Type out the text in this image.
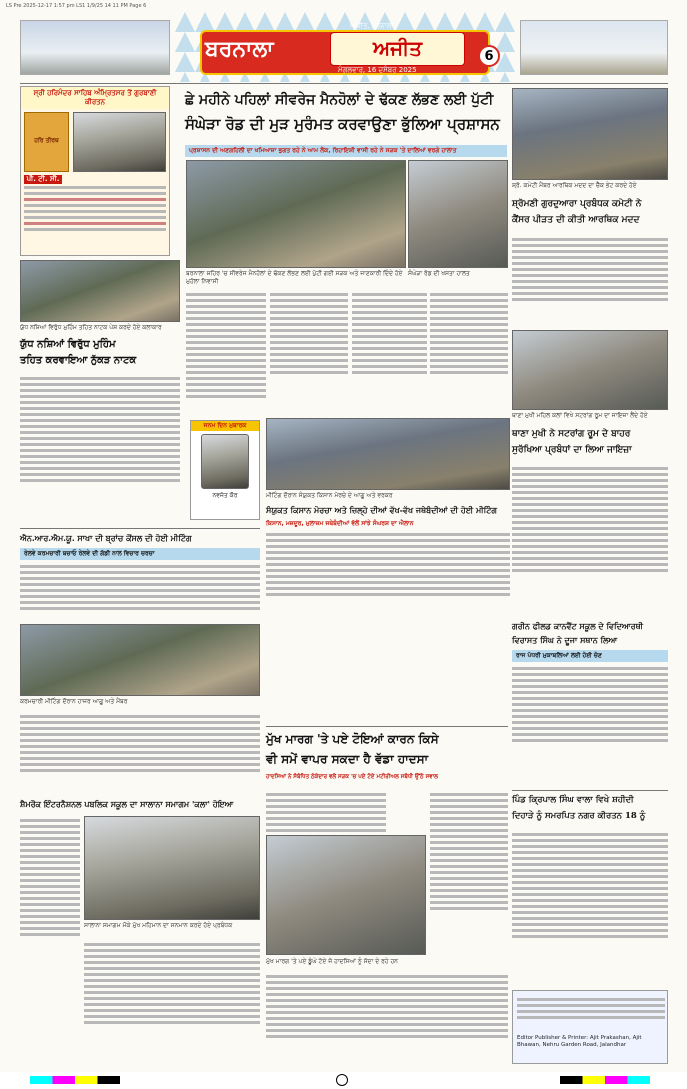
LS Pre 2025-12-17 1:57 pm LS1 1/9/25 14 11 PM Page 6
ਬਰਨਾਲਾ	ਅਜੀਤ
ਅਜੀਤ, ਬਰਨਾਲਾ
ਮੰਗਲਵਾਰ, 16 ਦਸੰਬਰ 2025
6
ਸ੍ਰੀ ਹਰਿਮੰਦਰ ਸਾਹਿਬ ਅੰਮ੍ਰਿਤਸਰ ਤੋਂ ਗੁਰਬਾਣੀ ਕੀਰਤਨ
ਹਰਿ ਤੀਰਥ
ਪੀ. ਟੀ. ਸੀ.
ਛੇ ਮਹੀਨੇ ਪਹਿਲਾਂ ਸੀਵਰੇਜ ਮੈਨਹੋਲਾਂ ਦੇ ਢੱਕਣ ਲੱਭਣ ਲਈ ਪੁੱਟੀ
ਸੰਘੇੜਾ ਰੋਡ ਦੀ ਮੁੜ ਮੁਰੰਮਤ ਕਰਵਾਉਣਾ ਭੁੱਲਿਆ ਪ੍ਰਸ਼ਾਸਨ
ਪ੍ਰਸ਼ਾਸਨ ਦੀ ਅਣਗਹਿਲੀ ਦਾ ਖਮਿਆਜ਼ਾ ਭੁਗਤ ਰਹੇ ਨੇ ਆਮ ਲੋਕ, ਰਿਹਾਇਸ਼ੀ ਵਾਸੀ ਰਹੇ ਨੇ ਸੜਕ 'ਤੇ ਦਾਲਿਆਂ ਵਰਗੇ ਹਾਲਾਤ
ਬਰਨਾਲਾ ਸ਼ਹਿਰ 'ਚ ਸੀਵਰੇਜ ਮੈਨਹੋਲਾਂ ਦੇ ਢੱਕਣ ਲੱਭਣ ਲਈ ਪੁੱਟੀ ਗਈ ਸੜਕ ਅਤੇ ਜਾਣਕਾਰੀ ਦਿੰਦੇ ਹੋਏ ਮੁਹੱਲਾ ਨਿਵਾਸੀ
ਸੰਘੇੜਾ ਰੋਡ ਦੀ ਖਸਤਾ ਹਾਲਤ
ਸ਼੍ਰੋ. ਕਮੇਟੀ ਮੈਂਬਰ ਆਰਥਿਕ ਮਦਦ ਦਾ ਚੈੱਕ ਭੇਟ ਕਰਦੇ ਹੋਏ
ਸ਼੍ਰੋਮਣੀ ਗੁਰਦੁਆਰਾ ਪ੍ਰਬੰਧਕ ਕਮੇਟੀ ਨੇ
ਕੈਂਸਰ ਪੀੜਤ ਦੀ ਕੀਤੀ ਆਰਥਿਕ ਮਦਦ
ਯੁੱਧ ਨਸ਼ਿਆਂ ਵਿਰੁੱਧ ਮੁਹਿੰਮ ਤਹਿਤ ਨਾਟਕ ਪੇਸ਼ ਕਰਦੇ ਹੋਏ ਕਲਾਕਾਰ
ਯੁੱਧ ਨਸ਼ਿਆਂ ਵਿਰੁੱਧ ਮੁਹਿੰਮ
ਤਹਿਤ ਕਰਵਾਇਆ ਨੁੱਕੜ ਨਾਟਕ
ਜਨਮ ਦਿਨ ਮੁਬਾਰਕ
ਨਵਜੋਤ ਕੌਰ	ਮੀਟਿੰਗ ਦੌਰਾਨ ਸੰਯੁਕਤ ਕਿਸਾਨ ਮੋਰਚੇ ਦੇ ਆਗੂ ਅਤੇ ਵਰਕਰ
ਸੰਯੁਕਤ ਕਿਸਾਨ ਮੋਰਚਾ ਅਤੇ ਜ਼ਿਲ੍ਹੇ ਦੀਆਂ ਵੱਖ-ਵੱਖ ਜਥੇਬੰਦੀਆਂ ਦੀ ਹੋਈ ਮੀਟਿੰਗ
ਕਿਸਾਨ, ਮਜ਼ਦੂਰ, ਮੁਲਾਜ਼ਮ ਜਥੇਬੰਦੀਆਂ ਵੱਲੋਂ ਸਾਂਝੇ ਸੰਘਰਸ਼ ਦਾ ਐਲਾਨ
ਥਾਣਾ ਮੁਖੀ ਮਹਿਲ ਕਲਾਂ ਵਿਖੇ ਸਟਰਾਂਗ ਰੂਮ ਦਾ ਜਾਇਜ਼ਾ ਲੈਂਦੇ ਹੋਏ
ਥਾਣਾ ਮੁਖੀ ਨੇ ਸਟਰਾਂਗ ਰੂਮ ਦੇ ਬਾਹਰ
ਸੁਰੱਖਿਆ ਪ੍ਰਬੰਧਾਂ ਦਾ ਲਿਆ ਜਾਇਜ਼ਾ
ਐਨ.ਆਰ.ਐਮ.ਯੂ. ਸਾਖਾ ਦੀ ਬ੍ਰਾਂਚ ਕੌਂਸਲ ਦੀ ਹੋਈ ਮੀਟਿੰਗ
ਰੇਲਵੇ ਕਰਮਚਾਰੀ ਬਚਾਓ ਰੇਲਵੇ ਦੀ ਗੱਡੀ ਨਾਲ ਵਿਚਾਰ ਚਰਚਾ
ਕਰਮਚਾਰੀ ਮੀਟਿੰਗ ਦੌਰਾਨ ਹਾਜ਼ਰ ਆਗੂ ਅਤੇ ਮੈਂਬਰ
ਗਰੀਨ ਫੀਲਡ ਕਾਨਵੈਂਟ ਸਕੂਲ ਦੇ ਵਿਦਿਆਰਥੀ
ਵਿਰਾਸਤ ਸਿੰਘ ਨੇ ਦੂਜਾ ਸਥਾਨ ਲਿਆ
ਰਾਜ ਪੱਧਰੀ ਮੁਕਾਬਲਿਆਂ ਲਈ ਹੋਈ ਚੋਣ
ਮੁੱਖ ਮਾਰਗ 'ਤੇ ਪਏ ਟੋਇਆਂ ਕਾਰਨ ਕਿਸੇ
ਵੀ ਸਮੇਂ ਵਾਪਰ ਸਕਦਾ ਹੈ ਵੱਡਾ ਹਾਦਸਾ
ਹਾਦਸਿਆਂ ਨੇ ਸੰਬੰਧਿਤ ਠੇਕੇਦਾਰ ਵਲੋਂ ਸੜਕ 'ਚ ਪਏ ਟੋਏ ਮਟੀਰੀਅਲ ਸਬੰਧੀ ਉੱਠੇ ਸਵਾਲ
ਮੁੱਖ ਮਾਰਗ 'ਤੇ ਪਏ ਡੂੰਘੇ ਟੋਏ ਜੋ ਹਾਦਸਿਆਂ ਨੂੰ ਸੱਦਾ ਦੇ ਰਹੇ ਹਨ
ਸ਼ੈਮਰੌਕ ਇੰਟਰਨੈਸ਼ਨਲ ਪਬਲਿਕ ਸਕੂਲ ਦਾ ਸਾਲਾਨਾ ਸਮਾਗਮ 'ਕਲਾ' ਹੋਇਆ
ਸਾਲਾਨਾ ਸਮਾਗਮ ਮੌਕੇ ਮੁੱਖ ਮਹਿਮਾਨ ਦਾ ਸਨਮਾਨ ਕਰਦੇ ਹੋਏ ਪ੍ਰਬੰਧਕ
ਪਿੰਡ ਕ੍ਰਿਪਾਲ ਸਿੰਘ ਵਾਲਾ ਵਿਖੇ ਸ਼ਹੀਦੀ
ਦਿਹਾੜੇ ਨੂੰ ਸਮਰਪਿਤ ਨਗਰ ਕੀਰਤਨ 18 ਨੂੰ
Editor Publisher & Printer: Ajit Prakashan, Ajit Bhawan, Nehru Garden Road, Jalandhar
